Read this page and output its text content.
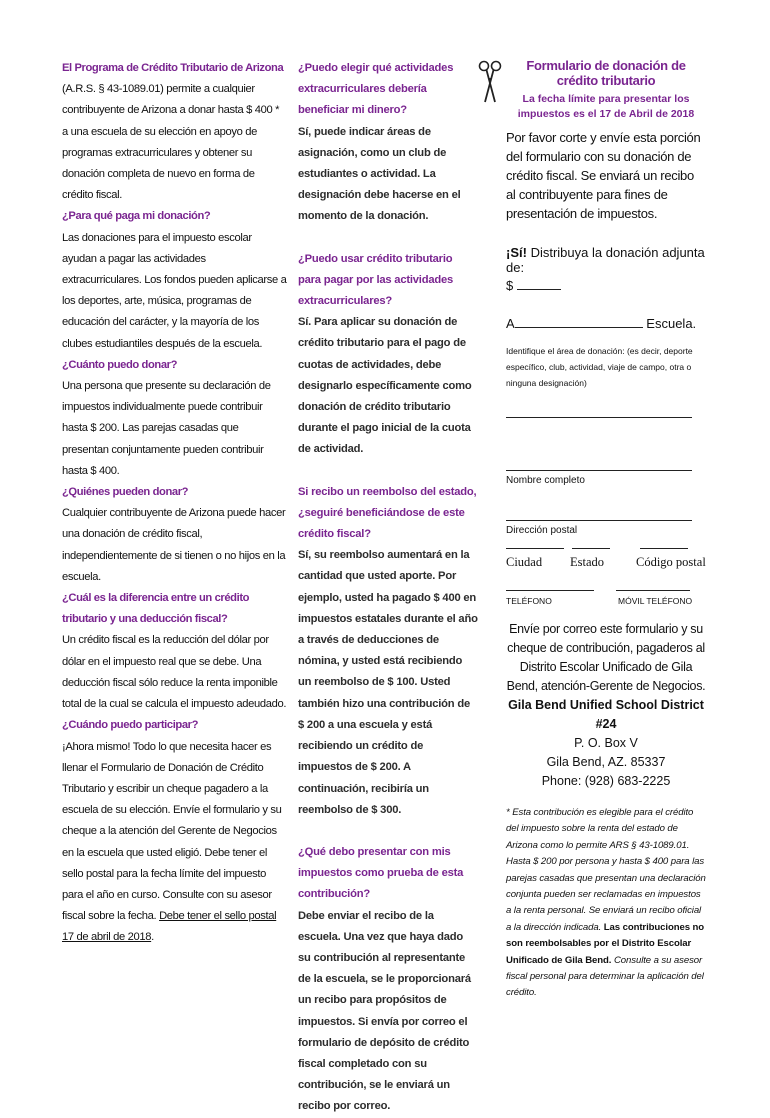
El Programa de Crédito Tributario de Arizona
(A.R.S. § 43-1089.01) permite a cualquier contribuyente de Arizona a donar hasta $ 400 * a una escuela de su elección en apoyo de programas extracurriculares y obtener su donación completa de nuevo en forma de crédito fiscal.
¿Para qué paga mi donación?
Las donaciones para el impuesto escolar ayudan a pagar las actividades extracurriculares. Los fondos pueden aplicarse a los deportes, arte, música, programas de educación del carácter, y la mayoría de los clubes estudiantiles después de la escuela.
¿Cuánto puedo donar?
Una persona que presente su declaración de impuestos individualmente puede contribuir hasta $ 200. Las parejas casadas que presentan conjuntamente pueden contribuir hasta $ 400.
¿Quiénes pueden donar?
Cualquier contribuyente de Arizona puede hacer una donación de crédito fiscal, independientemente de si tienen o no hijos en la escuela.
¿Cuál es la diferencia entre un crédito tributario y una deducción fiscal?
Un crédito fiscal es la reducción del dólar por dólar en el impuesto real que se debe. Una deducción fiscal sólo reduce la renta imponible total de la cual se calcula el impuesto adeudado.
¿Cuándo puedo participar?
¡Ahora mismo! Todo lo que necesita hacer es llenar el Formulario de Donación de Crédito Tributario y escribir un cheque pagadero a la escuela de su elección. Envíe el formulario y su cheque a la atención del Gerente de Negocios en la escuela que usted eligió. Debe tener el sello postal para la fecha límite del impuesto para el año en curso. Consulte con su asesor fiscal sobre la fecha. Debe tener el sello postal 17 de abril de 2018.
¿Puedo elegir qué actividades extracurriculares debería beneficiar mi dinero?
Sí, puede indicar áreas de asignación, como un club de estudiantes o actividad. La designación debe hacerse en el momento de la donación.
¿Puedo usar crédito tributario para pagar por las actividades extracurriculares?
Sí. Para aplicar su donación de crédito tributario para el pago de cuotas de actividades, debe designarlo específicamente como donación de crédito tributario durante el pago inicial de la cuota de actividad.
Si recibo un reembolso del estado, ¿seguiré beneficiándose de este crédito fiscal?
Sí, su reembolso aumentará en la cantidad que usted aporte. Por ejemplo, usted ha pagado $ 400 en impuestos estatales durante el año a través de deducciones de nómina, y usted está recibiendo un reembolso de $ 100. Usted también hizo una contribución de $ 200 a una escuela y está recibiendo un crédito de impuestos de $ 200. A continuación, recibiría un reembolso de $ 300.
¿Qué debo presentar con mis impuestos como prueba de esta contribución?
Debe enviar el recibo de la escuela. Una vez que haya dado su contribución al representante de la escuela, se le proporcionará un recibo para propósitos de impuestos. Si envía por correo el formulario de depósito de crédito fiscal completado con su contribución, se le enviará un recibo por correo.
Formulario de donación de crédito tributario
La fecha límite para presentar los impuestos es el 17 de Abril de 2018
Por favor corte y envíe esta porción del formulario con su donación de crédito fiscal. Se enviará un recibo al contribuyente para fines de presentación de impuestos.
¡Sí! Distribuya la donación adjunta de:
$
A	Escuela.
Identifique el área de donación: (es decir, deporte específico, club, actividad, viaje de campo, otra o ninguna designación)
Nombre completo
Dirección postal
Ciudad Estado	Código postal
TELÉFONO	MÓVIL TELÉFONO
Envíe por correo este formulario y su cheque de contribución, pagaderos al Distrito Escolar Unificado de Gila Bend, atención-Gerente de Negocios.
Gila Bend Unified School District #24
P. O. Box V
Gila Bend, AZ. 85337
Phone: (928) 683-2225
* Esta contribución es elegible para el crédito del impuesto sobre la renta del estado de Arizona como lo permite ARS § 43-1089.01. Hasta $ 200 por persona y hasta $ 400 para las parejas casadas que presentan una declaración conjunta pueden ser reclamadas en impuestos a la renta personal. Se enviará un recibo oficial a la dirección indicada. Las contribuciones no son reembolsables por el Distrito Escolar Unificado de Gila Bend. Consulte a su asesor fiscal personal para determinar la aplicación del crédito.
